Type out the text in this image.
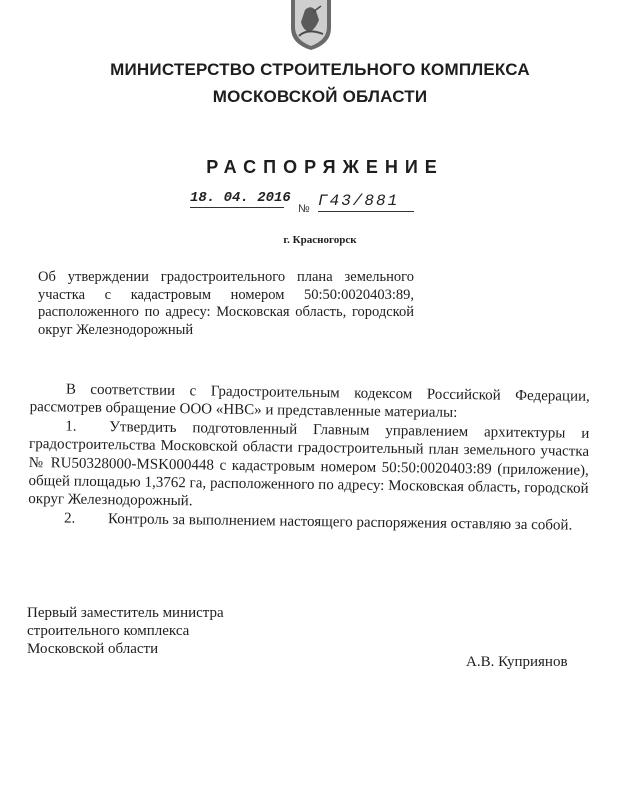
МИНИСТЕРСТВО СТРОИТЕЛЬНОГО КОМПЛЕКСА
МОСКОВСКОЙ ОБЛАСТИ
РАСПОРЯЖЕНИЕ
18. 04. 2016
№ Г43/881
г. Красногорск
Об утверждении градостроительного плана земельного участка с кадастровым номером 50:50:0020403:89, расположенного по адресу: Московская область, городской округ Железнодорожный

В соответствии с Градостроительным кодексом Российской Федерации, рассмотрев обращение ООО «НВС» и представленные материалы:

1. Утвердить подготовленный Главным управлением архитектуры и градостроительства Московской области градостроительный план земельного участка № RU50328000-MSK000448 с кадастровым номером 50:50:0020403:89 (приложение), общей площадью 1,3762 га, расположенного по адресу: Московская область, городской округ Железнодорожный.

2. Контроль за выполнением настоящего распоряжения оставляю за собой.

Первый заместитель министра
строительного комплекса
Московской области
А.В. Куприянов
